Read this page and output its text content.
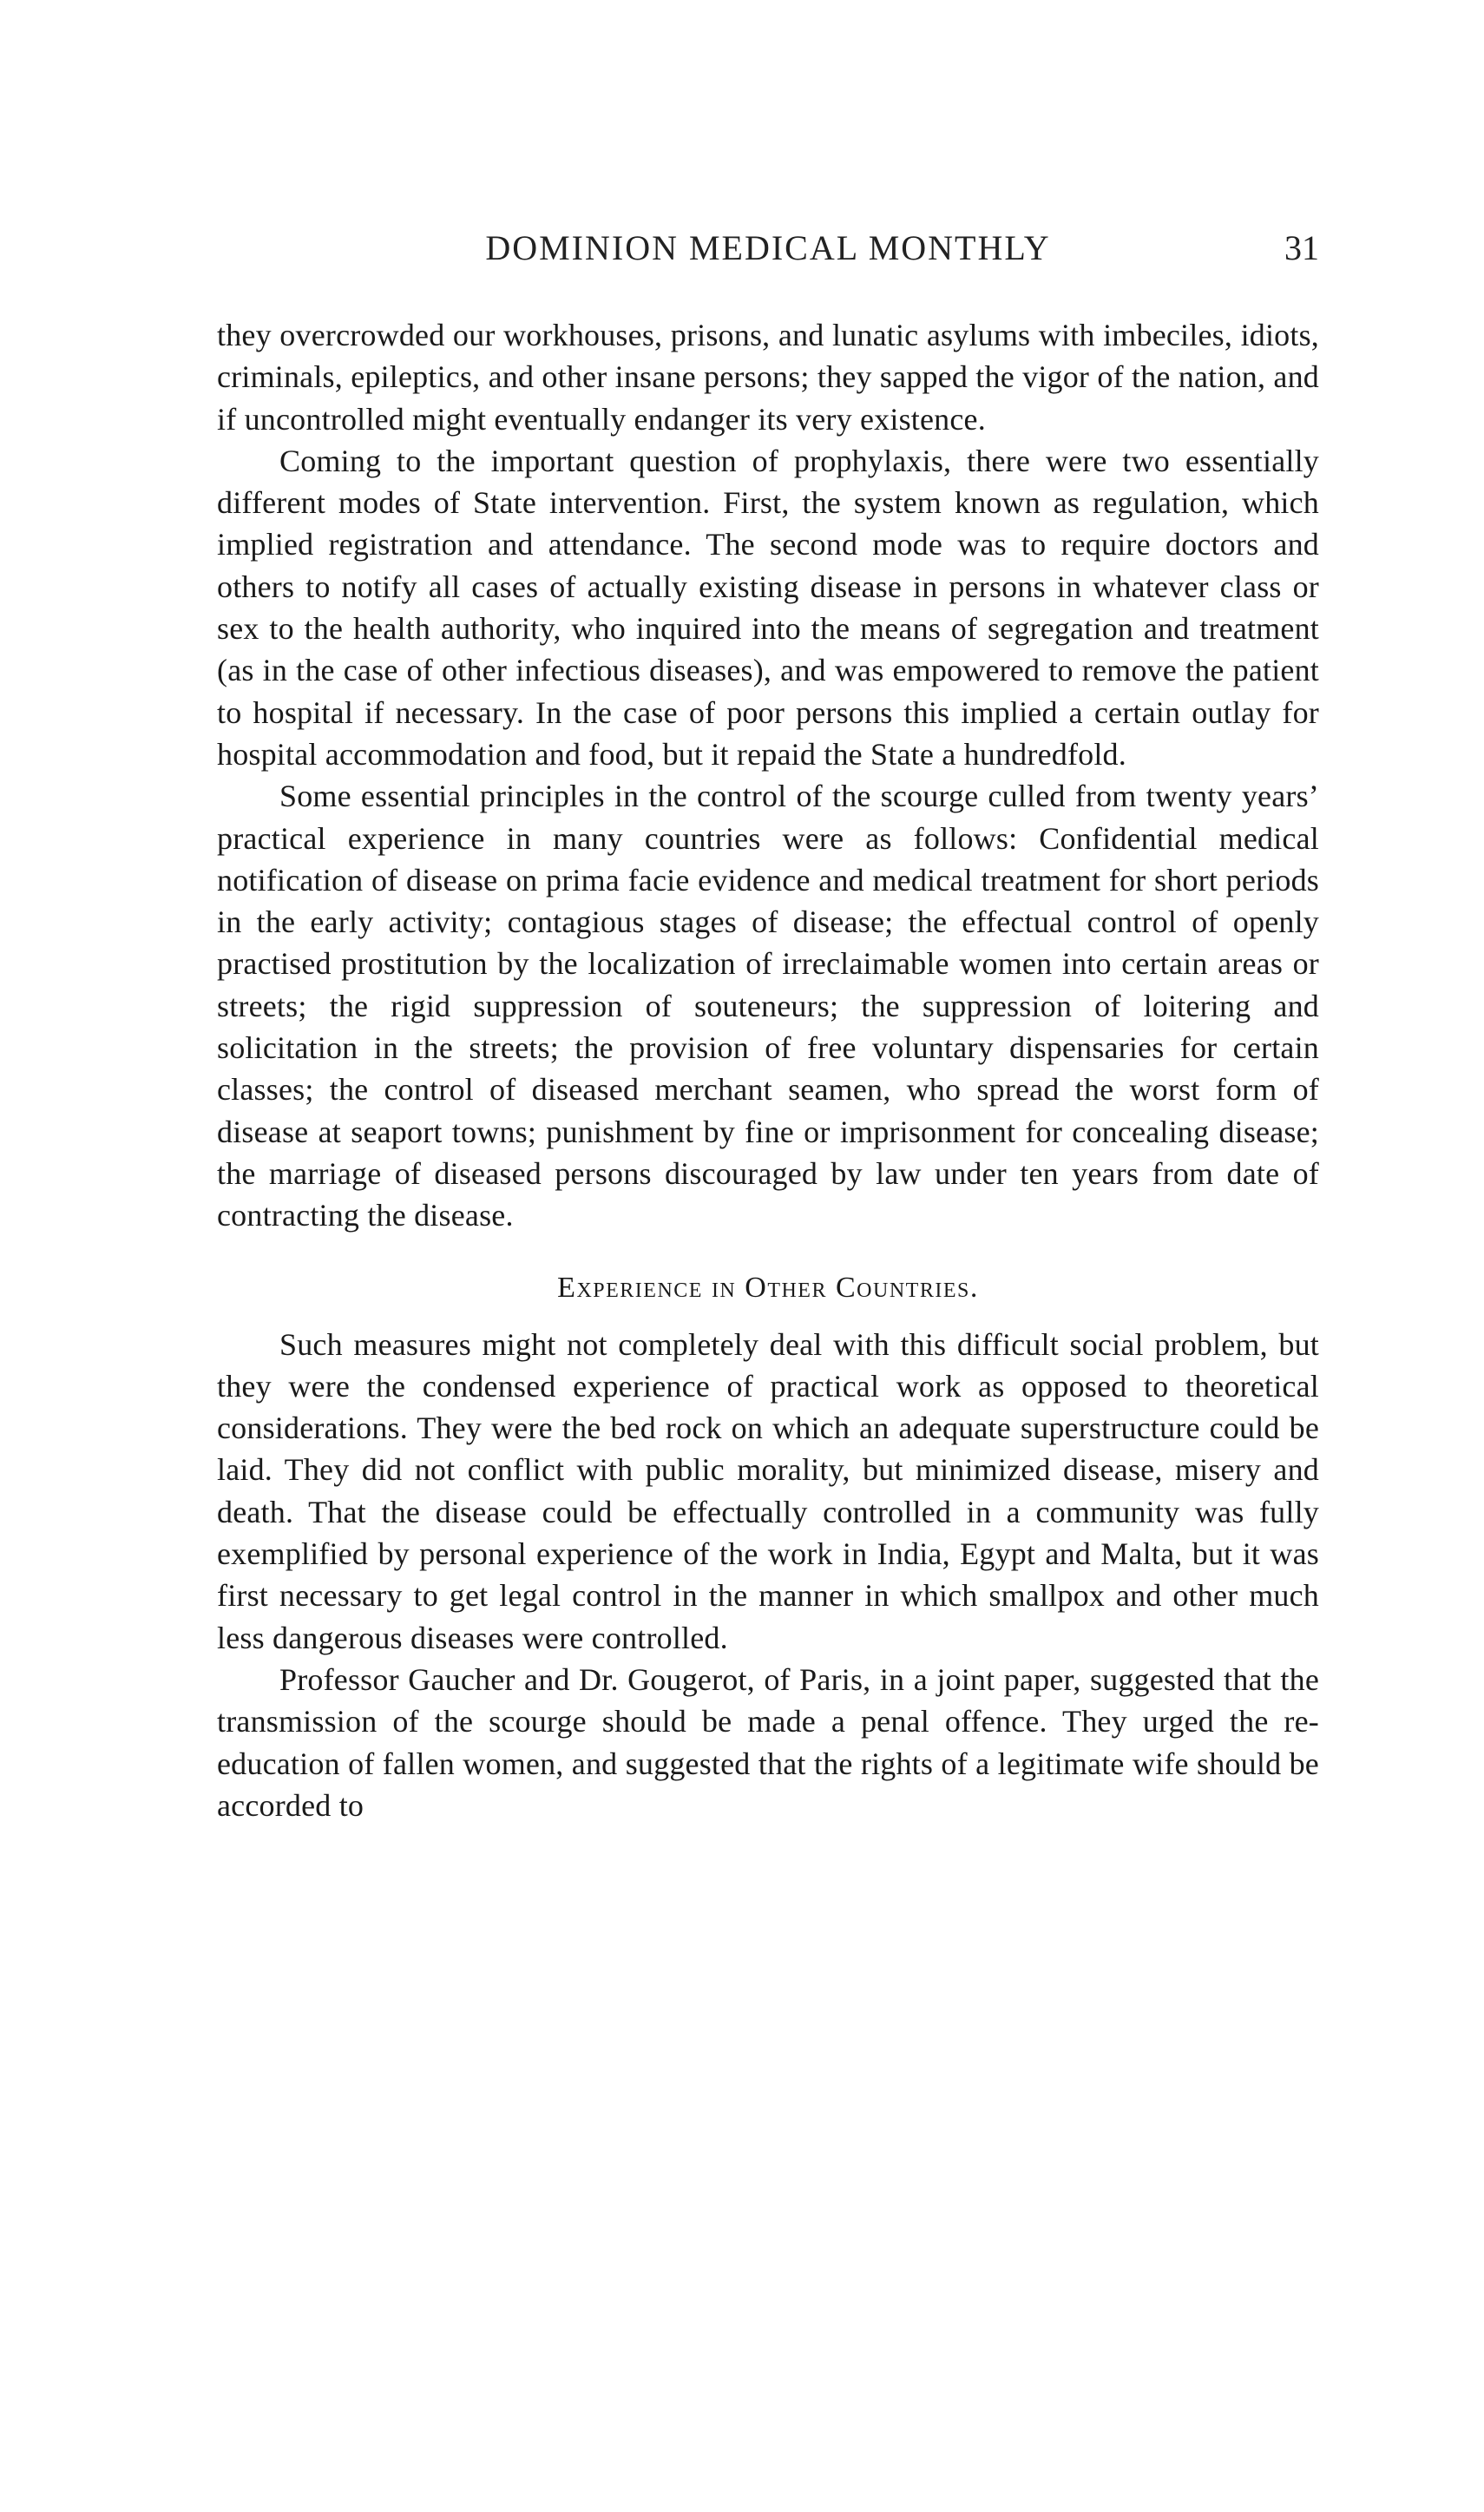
DOMINION MEDICAL MONTHLY	31

they overcrowded our workhouses, prisons, and lunatic asylums with imbeciles, idiots, criminals, epileptics, and other insane persons; they sapped the vigor of the nation, and if uncontrolled might eventually endanger its very existence.

Coming to the important question of prophylaxis, there were two essentially different modes of State intervention. First, the system known as regulation, which implied registration and attendance. The second mode was to require doctors and others to notify all cases of actually existing disease in persons in whatever class or sex to the health authority, who inquired into the means of segregation and treatment (as in the case of other infectious diseases), and was empowered to remove the patient to hospital if necessary. In the case of poor persons this implied a certain outlay for hospital accommodation and food, but it repaid the State a hundredfold.

Some essential principles in the control of the scourge culled from twenty years’ practical experience in many countries were as follows: Confidential medical notification of disease on prima facie evidence and medical treatment for short periods in the early activity; contagious stages of disease; the effectual control of openly practised prostitution by the localization of irreclaimable women into certain areas or streets; the rigid suppression of souteneurs; the suppression of loitering and solicitation in the streets; the provision of free voluntary dispensaries for certain classes; the control of diseased merchant seamen, who spread the worst form of disease at seaport towns; punishment by fine or imprisonment for concealing disease; the marriage of diseased persons discouraged by law under ten years from date of contracting the disease.

Experience in Other Countries.

Such measures might not completely deal with this difficult social problem, but they were the condensed experience of practical work as opposed to theoretical considerations. They were the bed rock on which an adequate superstructure could be laid. They did not conflict with public morality, but minimized disease, misery and death. That the disease could be effectually controlled in a community was fully exemplified by personal experience of the work in India, Egypt and Malta, but it was first necessary to get legal control in the manner in which smallpox and other much less dangerous diseases were controlled.

Professor Gaucher and Dr. Gougerot, of Paris, in a joint paper, suggested that the transmission of the scourge should be made a penal offence. They urged the re-education of fallen women, and suggested that the rights of a legitimate wife should be accorded to
